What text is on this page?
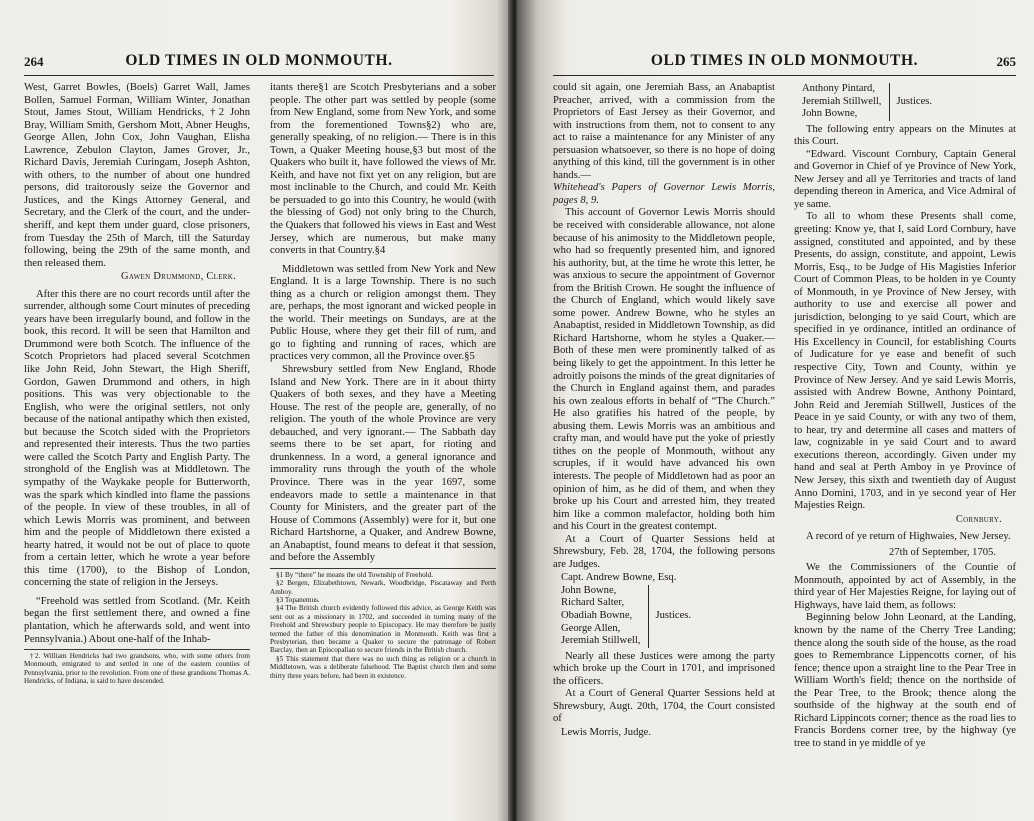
264	OLD TIMES IN OLD MONMOUTH.

West, Garret Bowles, (Boels) Garret Wall, James Bollen, Samuel Forman, William Winter, Jonathan Stout, James Stout, William Hendricks, †2 John Bray, William Smith, Gershom Mott, Abner Heughs, George Allen, John Cox, John Vaughan, Elisha Lawrence, Zebulon Clayton, James Grover, Jr., Richard Davis, Jeremiah Curingam, Joseph Ashton, with others, to the number of about one hundred persons, did traitorously seize the Governor and Justices, and the Kings Attorney General, and Secretary, and the Clerk of the court, and the under-sheriff, and kept them under guard, close prisoners, from Tuesday the 25th of March, till the Saturday following, being the 29th of the same month, and then released them.

Gawen Drummond, Clerk.

After this there are no court records until after the surrender, although some Court minutes of preceding years have been irregularly bound, and follow in the book, this record. It will be seen that Hamilton and Drummond were both Scotch. The influence of the Scotch Proprietors had placed several Scotchmen like John Reid, John Stewart, the High Sheriff, Gordon, Gawen Drummond and others, in high positions. This was very objectionable to the English, who were the original settlers, not only because of the national antipathy which then existed, but because the Scotch sided with the Proprietors and represented their interests. Thus the two parties were called the Scotch Party and English Party. The stronghold of the English was at Middletown. The sympathy of the Waykake people for Butterworth, was the spark which kindled into flame the passions of the people. In view of these troubles, in all of which Lewis Morris was prominent, and between him and the people of Middletown there existed a hearty hatred, it would not be out of place to quote from a certain letter, which he wrote a year before this time (1700), to the Bishop of London, concerning the state of religion in the Jerseys.

“Freehold was settled from Scotland. (Mr. Keith began the first settlement there, and owned a fine plantation, which he afterwards sold, and went into Pennsylvania.) About one-half of the Inhab-

†2. William Hendricks had two grandsons, who, with some others from Monmouth, emigrated to and settled in one of the eastern counties of Pennsylvania, prior to the revolution. From one of these grandsons Thomas A. Hendricks, of Indiana, is said to have descended.

itants there§1 are Scotch Presbyterians and a sober people. The other part was settled by people (some from New England, some from New York, and some from the forementioned Towns§2) who are, generally speaking, of no religion.— There is in this Town, a Quaker Meeting house,§3 but most of the Quakers who built it, have followed the views of Mr. Keith, and have not fixt yet on any religion, but are most inclinable to the Church, and could Mr. Keith be persuaded to go into this Country, he would (with the blessing of God) not only bring to the Church, the Quakers that followed his views in East and West Jersey, which are numerous, but make many converts in that Country.§4

Middletown was settled from New York and New England. It is a large Township. There is no such thing as a church or religion amongst them. They are, perhaps, the most ignorant and wicked people in the world. Their meetings on Sundays, are at the Public House, where they get their fill of rum, and go to fighting and running of races, which are practices very common, all the Province over.§5

Shrewsbury settled from New England, Rhode Island and New York. There are in it about thirty Quakers of both sexes, and they have a Meeting House. The rest of the people are, generally, of no religion. The youth of the whole Province are very debauched, and very ignorant.— The Sabbath day seems there to be set apart, for rioting and drunkenness. In a word, a general ignorance and immorality runs through the youth of the whole Province. There was in the year 1697, some endeavors made to settle a maintenance in that County for Ministers, and the greater part of the House of Commons (Assembly) were for it, but one Richard Hartshorne, a Quaker, and Andrew Bowne, an Anabaptist, found means to defeat it that session, and before the Assembly

§1 By “there” he means the old Township of Freehold.
§2 Bergen, Elizabethtown, Newark, Woodbridge, Piscataway and Perth Amboy.
§3 Topanemus.
§4 The British church evidently followed this advice, as George Keith was sent out as a missionary in 1702, and succeeded in turning many of the Freehold and Shrewsbury people to Episcopacy. He may therefore be justly termed the father of this denomination in Monmouth. Keith was first a Presbyterian, then became a Quaker to secure the patronage of Robert Barclay, then an Episcopalian to secure friends in the British church.
§5 This statement that there was no such thing as religion or a church in Middletown, was a deliberate falsehood. The Baptist church then and some thirty three years before, had been in existence.
OLD TIMES IN OLD MONMOUTH.	265

could sit again, one Jeremiah Bass, an Anabaptist Preacher, arrived, with a commission from the Proprietors of East Jersey as their Governor, and with instructions from them, not to consent to any act to raise a maintenance for any Minister of any persuasion whatsoever, so there is no hope of doing anything of this kind, till the government is in other hands.—

Whitehead's Papers of Governor Lewis Morris, pages 8, 9.

This account of Governor Lewis Morris should be received with considerable allowance, not alone because of his animosity to the Middletown people, who had so frequently presented him, and ignored his authority, but, at the time he wrote this letter, he was anxious to secure the appointment of Governor from the British Crown. He sought the influence of the Church of England, which would likely save some power. Andrew Bowne, who he styles an Anabaptist, resided in Middletown Township, as did Richard Hartshorne, whom he styles a Quaker.— Both of these men were prominently talked of as being likely to get the appointment. In this letter he adroitly poisons the minds of the great dignitaries of the Church in England against them, and parades his own zealous efforts in behalf of “The Church.” He also gratifies his hatred of the people, by abusing them. Lewis Morris was an ambitious and crafty man, and would have put the yoke of priestly tithes on the people of Monmouth, without any scruples, if it would have advanced his own interests. The people of Middletown had as poor an opinion of him, as he did of them, and when they broke up his Court and arrested him, they treated him like a common malefactor, holding both him and his Court in the greatest contempt.

At a Court of Quarter Sessions held at Shrewsbury, Feb. 28, 1704, the following persons are Judges.

Capt. Andrew Bowne, Esq.
John Bowne,
Richard Salter,
Obadiah Bowne,
George Allen,
Jeremiah Stillwell,
Justices.

Nearly all these Justices were among the party which broke up the Court in 1701, and imprisoned the officers.

At a Court of General Quarter Sessions held at Shrewsbury, Augt. 20th, 1704, the Court consisted of

Lewis Morris, Judge.
Anthony Pintard,
Jeremiah Stillwell,
John Bowne,
Justices.

The following entry appears on the Minutes at this Court.

“Edward. Viscount Cornbury, Captain General and Governor in Chief of ye Province of New York, New Jersey and all ye Territories and tracts of land depending thereon in America, and Vice Admiral of ye same.

To all to whom these Presents shall come, greeting: Know ye, that I, said Lord Cornbury, have assigned, constituted and appointed, and by these Presents, do assign, constitute, and appoint, Lewis Morris, Esq., to be Judge of His Magisties Inferior Court of Common Pleas, to be holden in ye County of Monmouth, in ye Province of New Jersey, with authority to use and exercise all power and jurisdiction, belonging to ye said Court, which are specified in ye ordinance, intitled an ordinance of His Excellency in Council, for establishing Courts of Judicature for ye ease and benefit of such respective City, Town and County, within ye Province of New Jersey. And ye said Lewis Morris, assisted with Andrew Bowne, Anthony Pointard, John Reid and Jeremiah Stillwell, Justices of the Peace in ye said County, or with any two of them, to hear, try and determine all cases and matters of law, cognizable in ye said Court and to award executions thereon, accordingly. Given under my hand and seal at Perth Amboy in ye Province of New Jersey, this sixth and twentieth day of August Anno Domini, 1703, and in ye second year of Her Majesties Reign.

Cornbury.

A record of ye return of Highwaies, New Jersey.

27th of September, 1705.

We the Commissioners of the Countie of Monmouth, appointed by act of Assembly, in the third year of Her Majesties Reigne, for laying out of Highways, have laid them, as follows:

Beginning below John Leonard, at the Landing, known by the name of the Cherry Tree Landing; thence along the south side of the house, as the road goes to Remembrance Lippencotts corner, of his fence; thence upon a straight line to the Pear Tree in William Worth's field; thence on the northside of the Pear Tree, to the Brook; thence along the southside of the highway at the south end of Richard Lippincots corner; thence as the road lies to Francis Bordens corner tree, by the highway (ye tree to stand in ye middle of ye
